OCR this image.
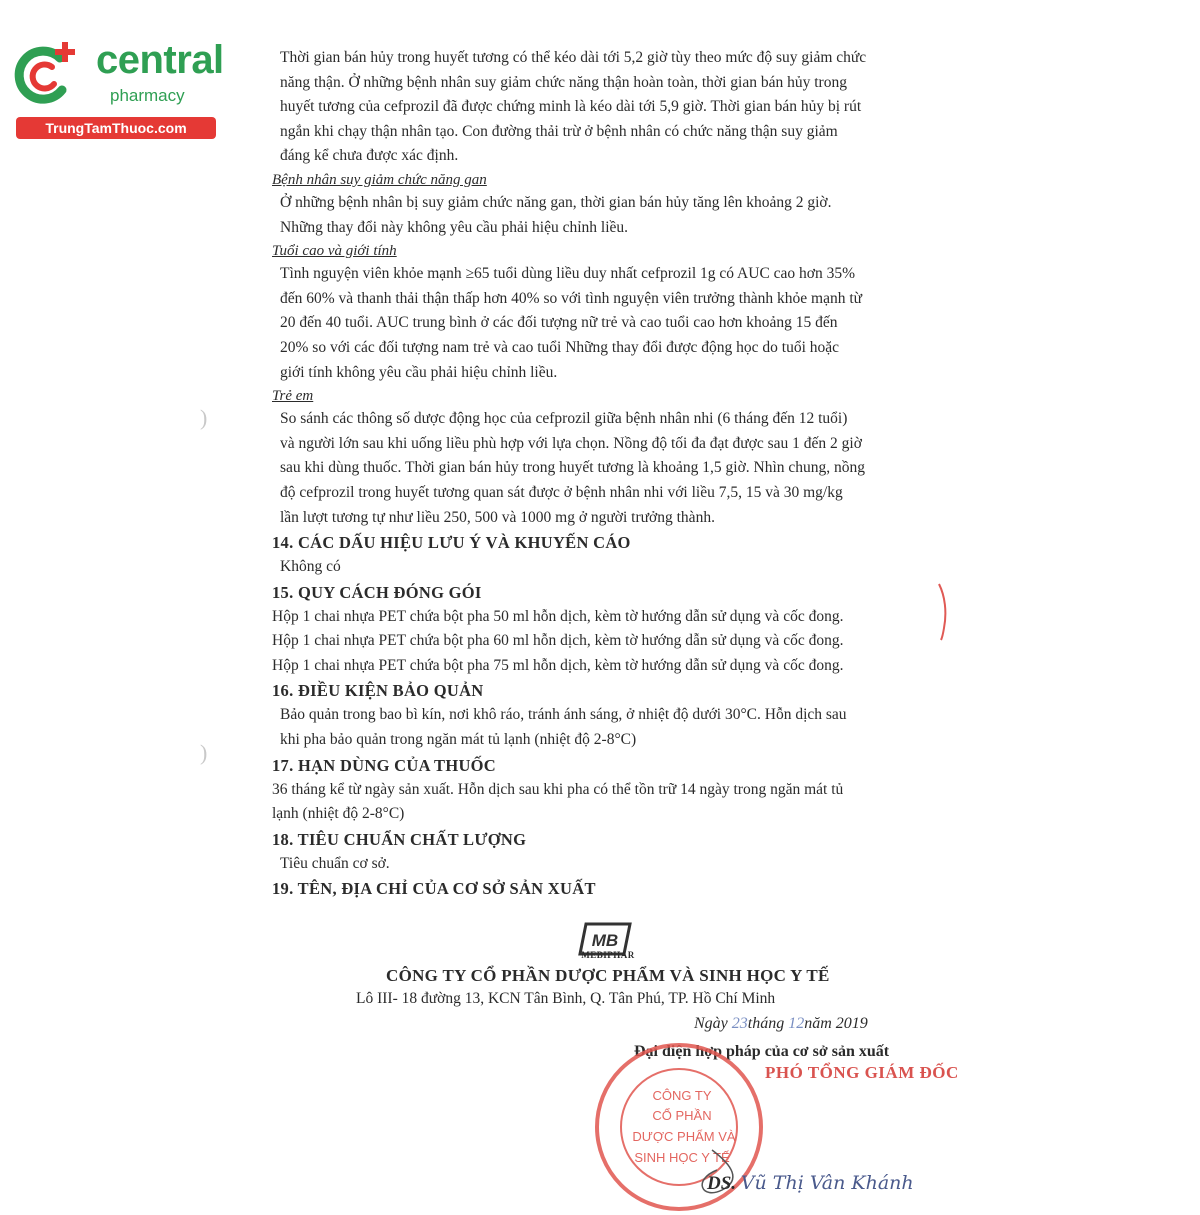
central
pharmacy
TrungTamThuoc.com
)
)
Thời gian bán hủy trong huyết tương có thể kéo dài tới 5,2 giờ tùy theo mức độ suy giảm chức
năng thận. Ở những bệnh nhân suy giảm chức năng thận hoàn toàn, thời gian bán hủy trong
huyết tương của cefprozil đã được chứng minh là kéo dài tới 5,9 giờ. Thời gian bán hủy bị rút
ngắn khi chạy thận nhân tạo. Con đường thải trừ ở bệnh nhân có chức năng thận suy giảm
đáng kể chưa được xác định.
Bệnh nhân suy giảm chức năng gan
Ở những bệnh nhân bị suy giảm chức năng gan, thời gian bán hủy tăng lên khoảng 2 giờ.
Những thay đổi này không yêu cầu phải hiệu chỉnh liều.
Tuổi cao và giới tính
Tình nguyện viên khỏe mạnh ≥65 tuổi dùng liều duy nhất cefprozil 1g có AUC cao hơn 35%
đến 60% và thanh thải thận thấp hơn 40% so với tình nguyện viên trưởng thành khỏe mạnh từ
20 đến 40 tuổi. AUC trung bình ở các đối tượng nữ trẻ và cao tuổi cao hơn khoảng 15 đến
20% so với các đối tượng nam trẻ và cao tuổi Những thay đổi được động học do tuổi hoặc
giới tính không yêu cầu phải hiệu chỉnh liều.
Trẻ em
So sánh các thông số dược động học của cefprozil giữa bệnh nhân nhi (6 tháng đến 12 tuổi)
và người lớn sau khi uống liều phù hợp với lựa chọn. Nồng độ tối đa đạt được sau 1 đến 2 giờ
sau khi dùng thuốc. Thời gian bán hủy trong huyết tương là khoảng 1,5 giờ. Nhìn chung, nồng
độ cefprozil trong huyết tương quan sát được ở bệnh nhân nhi với liều 7,5, 15 và 30 mg/kg
lần lượt tương tự như liều 250, 500 và 1000 mg ở người trưởng thành.
14. CÁC DẤU HIỆU LƯU Ý VÀ KHUYẾN CÁO
Không có
15. QUY CÁCH ĐÓNG GÓI
Hộp 1 chai nhựa PET chứa bột pha 50 ml hỗn dịch, kèm tờ hướng dẫn sử dụng và cốc đong.
Hộp 1 chai nhựa PET chứa bột pha 60 ml hỗn dịch, kèm tờ hướng dẫn sử dụng và cốc đong.
Hộp 1 chai nhựa PET chứa bột pha 75 ml hỗn dịch, kèm tờ hướng dẫn sử dụng và cốc đong.
16. ĐIỀU KIỆN BẢO QUẢN
Bảo quản trong bao bì kín, nơi khô ráo, tránh ánh sáng, ở nhiệt độ dưới 30°C. Hỗn dịch sau
khi pha bảo quản trong ngăn mát tủ lạnh (nhiệt độ 2-8°C)
17. HẠN DÙNG CỦA THUỐC
36 tháng kể từ ngày sản xuất. Hỗn dịch sau khi pha có thể tồn trữ 14 ngày trong ngăn mát tủ
lạnh (nhiệt độ 2-8°C)
18. TIÊU CHUẨN CHẤT LƯỢNG
Tiêu chuẩn cơ sở.
19. TÊN, ĐỊA CHỈ CỦA CƠ SỞ SẢN XUẤT
MB
MEBIPHAR
CÔNG TY CỔ PHẦN DƯỢC PHẨM VÀ SINH HỌC Y TẾ
Lô III- 18 đường 13, KCN Tân Bình, Q. Tân Phú, TP. Hồ Chí Minh
Ngày 23tháng 12năm 2019
Đại diện hợp pháp của cơ sở sản xuất
PHÓ TỔNG GIÁM ĐỐC
CÔNG TY
CỔ PHẦN
DƯỢC PHẨM VÀ
SINH HỌC Y TẾ
DS. Vũ Thị Vân Khánh
